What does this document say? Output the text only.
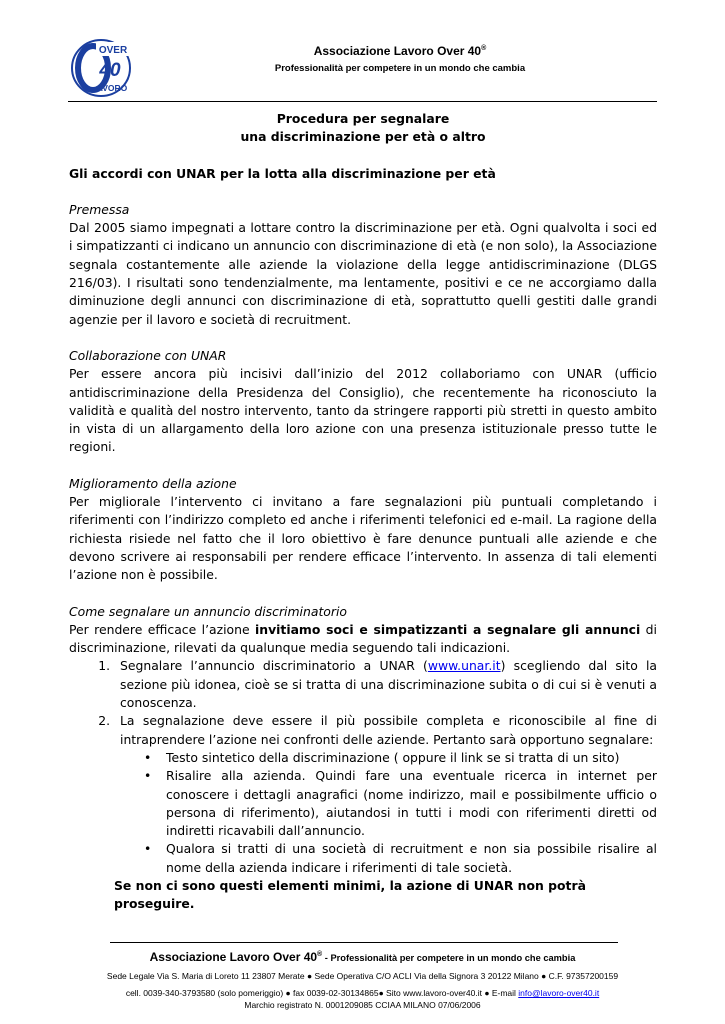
OVER
40
AVORO
Associazione Lavoro Over 40®
Professionalità per competere in un mondo che cambia

Procedura per segnalare

una discriminazione per età o altro

Gli accordi con UNAR per la lotta alla discriminazione per età

Premessa

Dal 2005 siamo impegnati a lottare contro la discriminazione per età. Ogni qualvolta i soci ed i simpatizzanti ci indicano un annuncio con discriminazione di età (e non solo), la Associazione segnala costantemente alle aziende la violazione della legge antidiscriminazione (DLGS 216/03). I risultati sono tendenzialmente, ma lentamente, positivi e ce ne accorgiamo dalla diminuzione degli annunci con discriminazione di età, soprattutto quelli gestiti dalle grandi agenzie per il lavoro e società di recruitment.

Collaborazione con UNAR

Per essere ancora più incisivi dall’inizio del 2012 collaboriamo con UNAR (ufficio antidiscriminazione della Presidenza del Consiglio), che recentemente ha riconosciuto la validità e qualità del nostro intervento, tanto da stringere rapporti più stretti in questo ambito in vista di un allargamento della loro azione con una presenza istituzionale presso tutte le regioni.

Miglioramento della azione

Per migliorale l’intervento ci invitano a fare segnalazioni più puntuali completando i riferimenti con l’indirizzo completo ed anche i riferimenti telefonici ed e-mail. La ragione della richiesta risiede nel fatto che il loro obiettivo è fare denunce puntuali alle aziende e che devono scrivere ai responsabili per rendere efficace l’intervento. In assenza di tali elementi l’azione non è possibile.

Come segnalare un annuncio discriminatorio

Per rendere efficace l’azione invitiamo soci e simpatizzanti a segnalare gli annunci di discriminazione, rilevati da qualunque media seguendo tali indicazioni.

1. Segnalare l’annuncio discriminatorio a UNAR (www.unar.it) scegliendo dal sito la sezione più idonea, cioè se si tratta di una discriminazione subita o di cui si è venuti a conoscenza.
2. La segnalazione deve essere il più possibile completa e riconoscibile al fine di intraprendere l’azione nei confronti delle aziende. Pertanto sarà opportuno segnalare:
• Testo sintetico della discriminazione ( oppure il link se si tratta di un sito)
• Risalire alla azienda. Quindi fare una eventuale ricerca in internet per conoscere i dettagli anagrafici (nome indirizzo, mail e possibilmente ufficio o persona di riferimento), aiutandosi in tutti i modi con riferimenti diretti od indiretti ricavabili dall’annuncio.
• Qualora si tratti di una società di recruitment e non sia possibile risalire al nome della azienda indicare i riferimenti di tale società.

Se non ci sono questi elementi minimi, la azione di UNAR non potrà proseguire.

Associazione Lavoro Over 40® - Professionalità per competere in un mondo che cambia
Sede Legale Via S. Maria di Loreto 11 23807 Merate ● Sede Operativa C/O ACLI Via della Signora 3 20122 Milano ● C.F. 97357200159
cell. 0039-340-3793580 (solo pomeriggio) ● fax 0039-02-30134865● Sito www.lavoro-over40.it ● E-mail info@lavoro-over40.it
Marchio registrato N. 0001209085 CCIAA MILANO 07/06/2006
